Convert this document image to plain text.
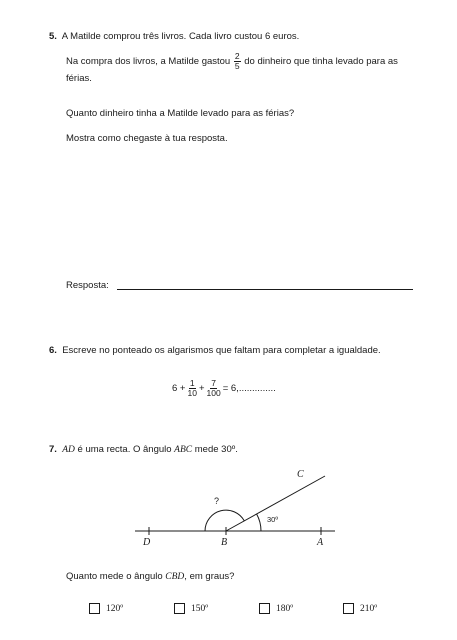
5. A Matilde comprou três livros. Cada livro custou 6 euros.
Na compra dos livros, a Matilde gastou
$\frac{2}{5}$
do dinheiro que tinha levado para as
férias.
Quanto dinheiro tinha a Matilde levado para as férias?
Mostra como chegaste à tua resposta.
Resposta:
6. Escreve no ponteado os algarismos que faltam para completar a igualdade.
$6 + \frac{1}{10} + \frac{7}{100} = 6$,..............
7. AD é uma recta. O ângulo ABC mede 30º.
D	B	A
C
?
30º
Quanto mede o ângulo CBD, em graus?
120º	150º	180º	210º
